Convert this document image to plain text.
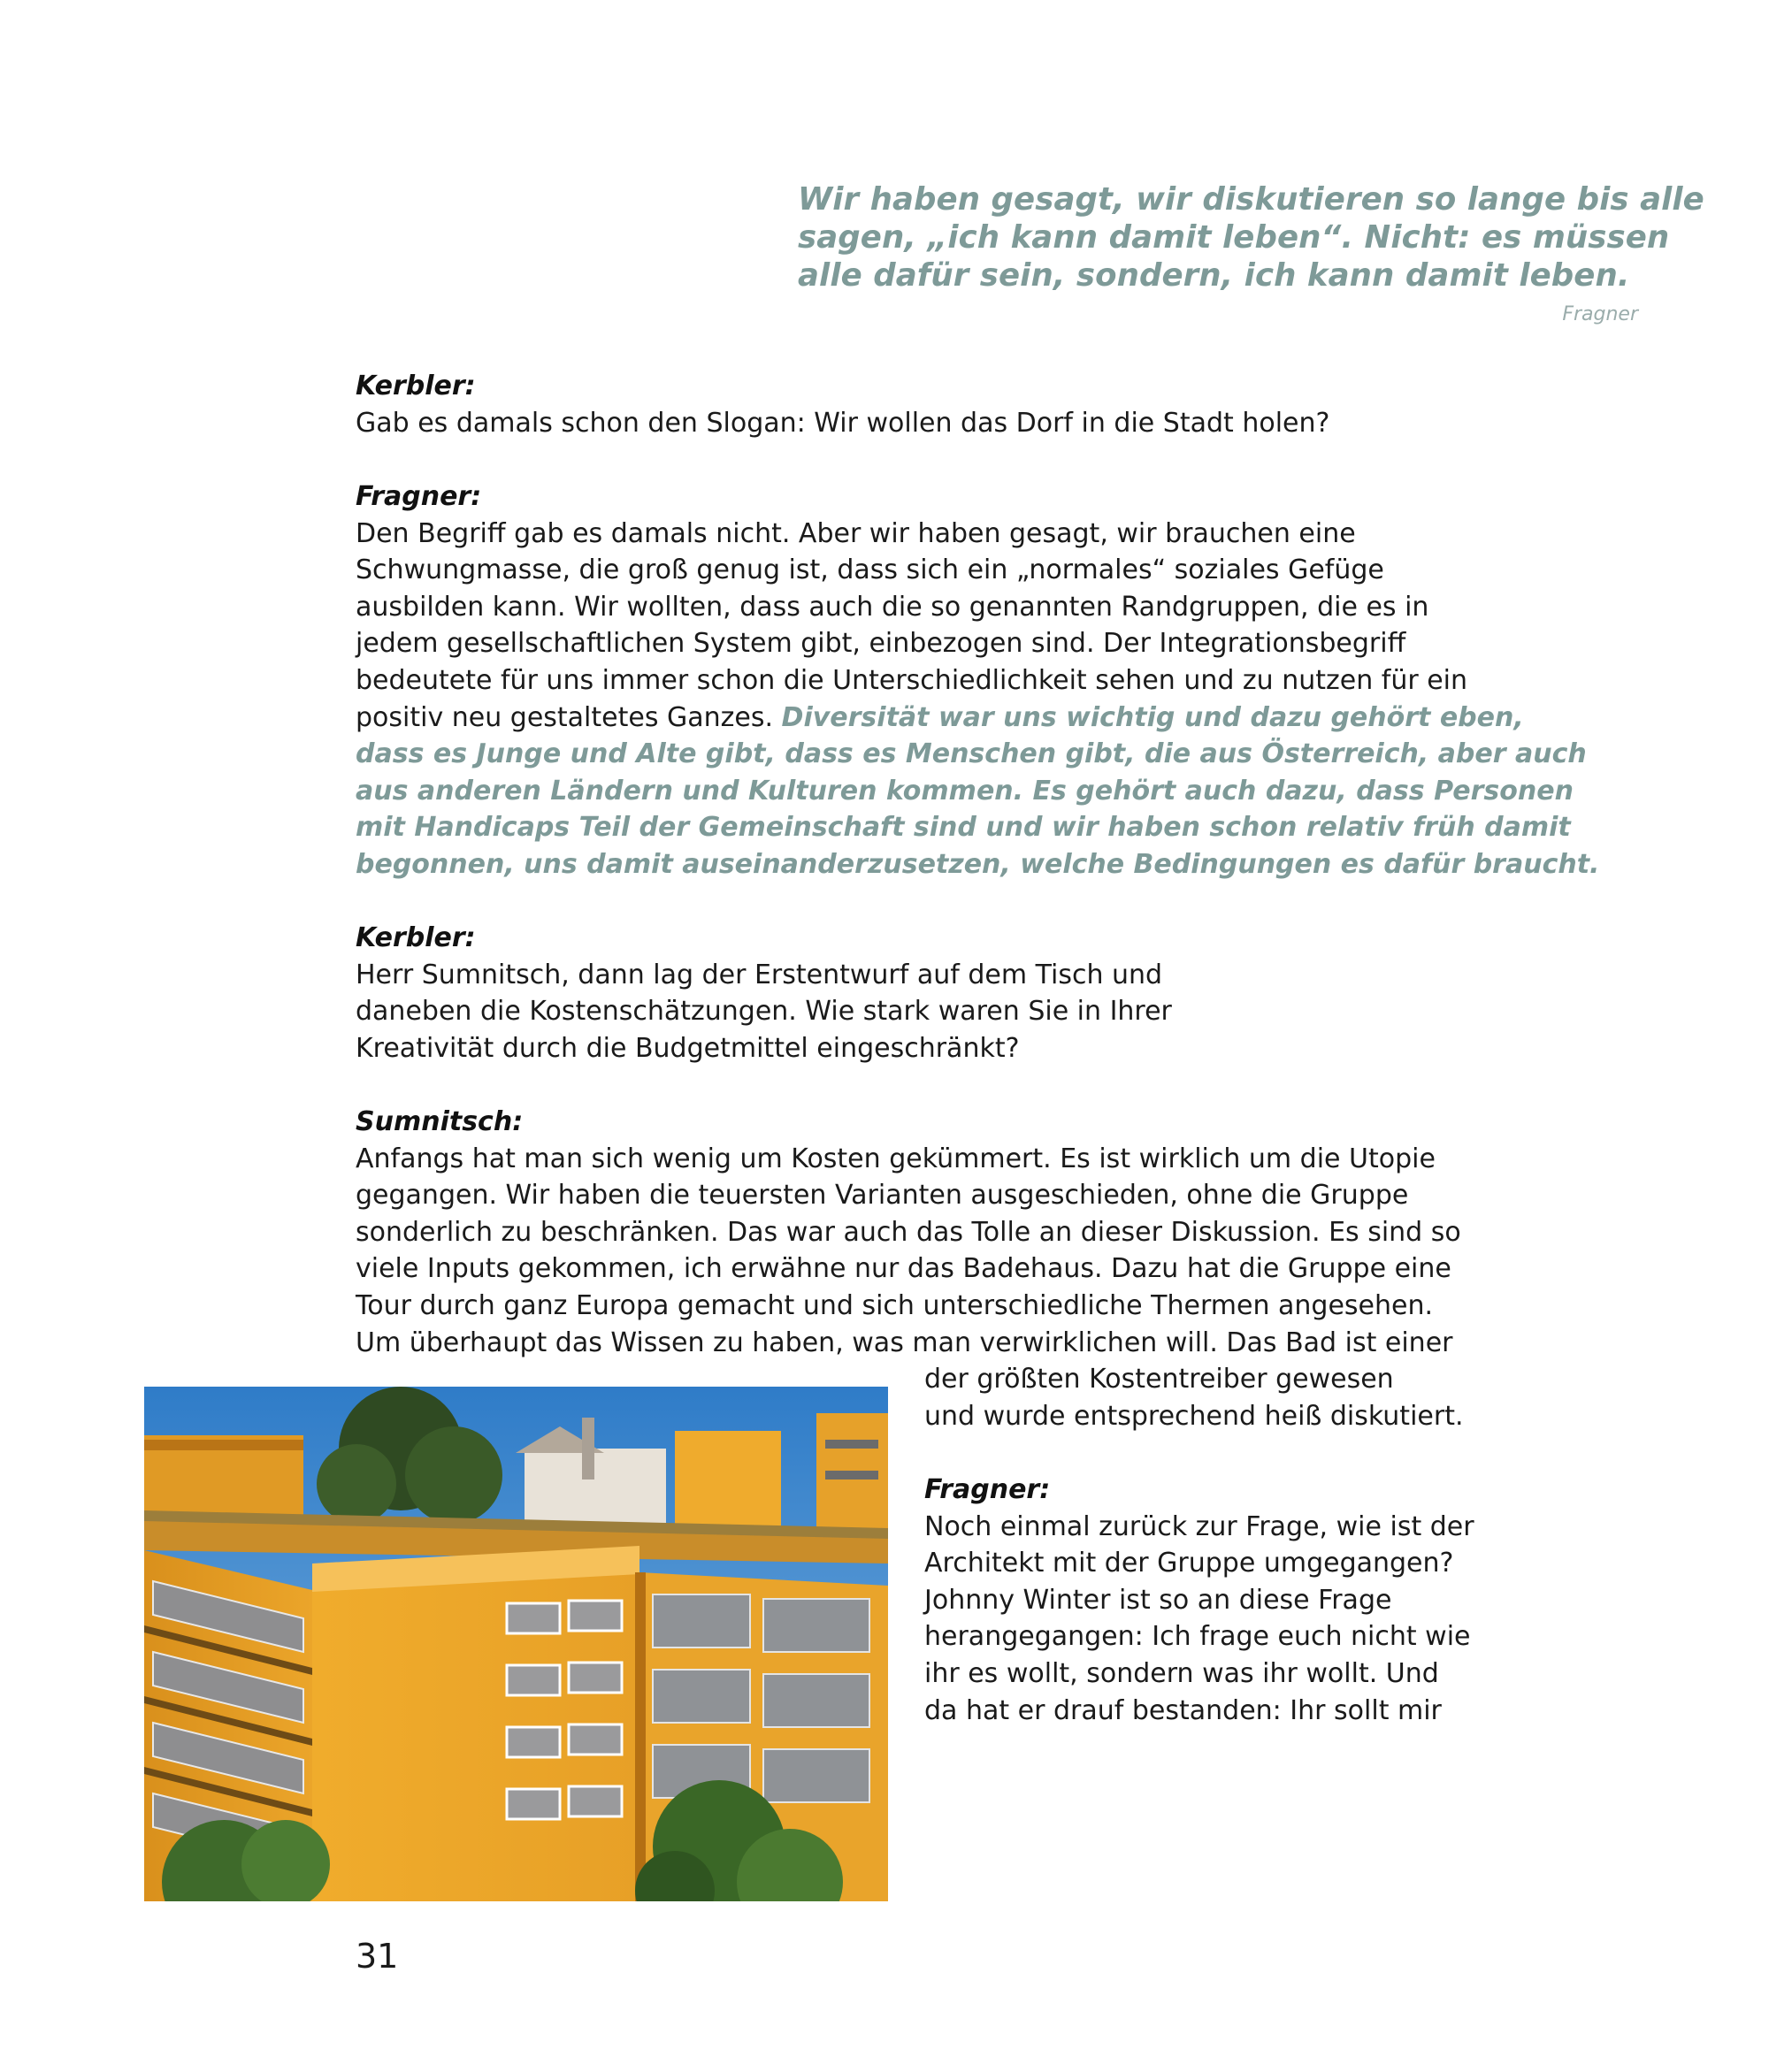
Wir haben gesagt, wir diskutieren so lange bis alle
sagen, „ich kann damit leben“. Nicht: es müssen
alle dafür sein, sondern, ich kann damit leben.
Fragner
Kerbler:
Gab es damals schon den Slogan: Wir wollen das Dorf in die Stadt holen?
Fragner:
Den Begriff gab es damals nicht. Aber wir haben gesagt, wir brauchen eine
Schwungmasse, die groß genug ist, dass sich ein „normales“ soziales Gefüge
ausbilden kann. Wir wollten, dass auch die so genannten Randgruppen, die es in
jedem gesellschaftlichen System gibt, einbezogen sind. Der Integrationsbegriff
bedeutete für uns immer schon die Unterschiedlichkeit sehen und zu nutzen für ein
positiv neu gestaltetes Ganzes. Diversität war uns wichtig und dazu gehört eben,
dass es Junge und Alte gibt, dass es Menschen gibt, die aus Österreich, aber auch
aus anderen Ländern und Kulturen kommen. Es gehört auch dazu, dass Personen
mit Handicaps Teil der Gemeinschaft sind und wir haben schon relativ früh damit
begonnen, uns damit auseinanderzusetzen, welche Bedingungen es dafür braucht.
Kerbler:
Herr Sumnitsch, dann lag der Erstentwurf auf dem Tisch und
daneben die Kostenschätzungen. Wie stark waren Sie in Ihrer
Kreativität durch die Budgetmittel eingeschränkt?
Sumnitsch:
Anfangs hat man sich wenig um Kosten gekümmert. Es ist wirklich um die Utopie
gegangen. Wir haben die teuersten Varianten ausgeschieden, ohne die Gruppe
sonderlich zu beschränken. Das war auch das Tolle an dieser Diskussion. Es sind so
viele Inputs gekommen, ich erwähne nur das Badehaus. Dazu hat die Gruppe eine
Tour durch ganz Europa gemacht und sich unterschiedliche Thermen angesehen.
Um überhaupt das Wissen zu haben, was man verwirklichen will. Das Bad ist einer
der größten Kostentreiber gewesen
und wurde entsprechend heiß diskutiert.
Fragner:
Noch einmal zurück zur Frage, wie ist der
Architekt mit der Gruppe umgegangen?
Johnny Winter ist so an diese Frage
herangegangen: Ich frage euch nicht wie
ihr es wollt, sondern was ihr wollt. Und
da hat er drauf bestanden: Ihr sollt mir
31
